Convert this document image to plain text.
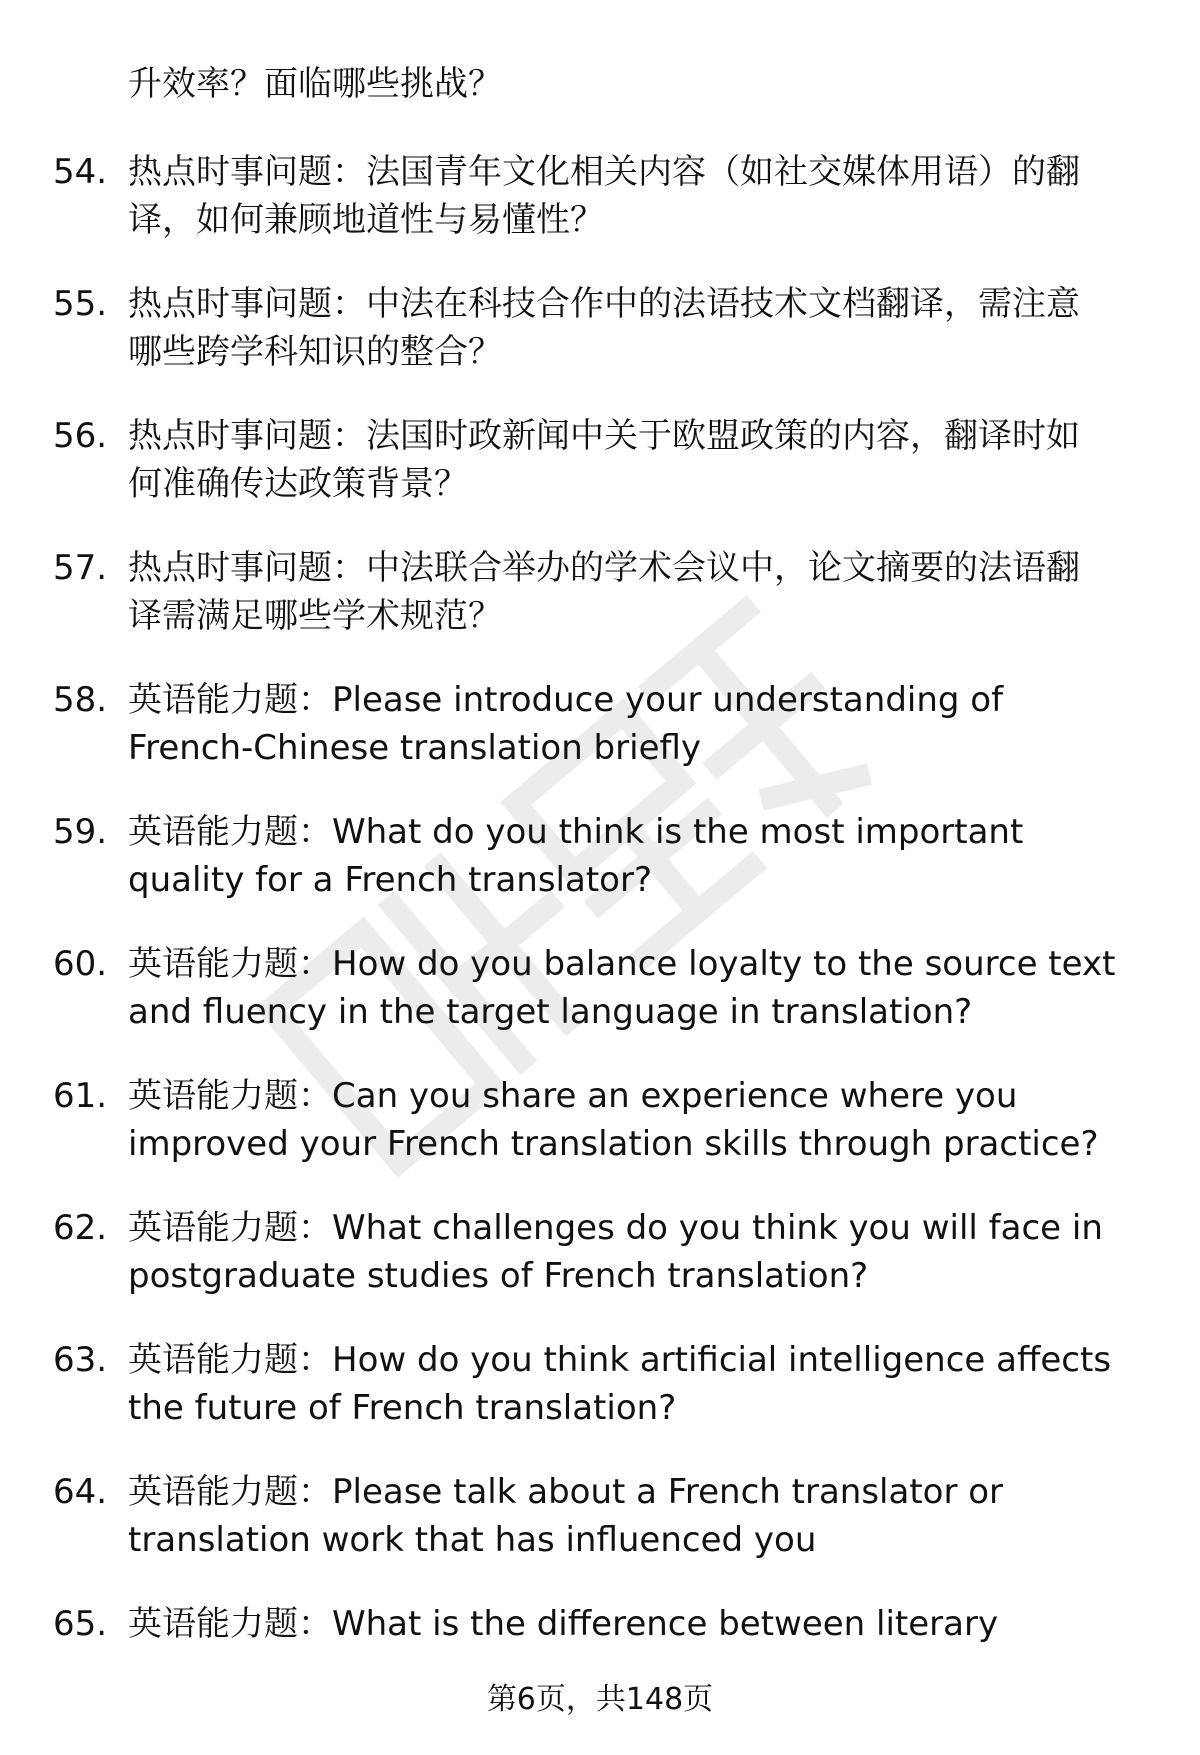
升效率？面临哪些挑战？
54. 热点时事问题：法国青年文化相关内容（如社交媒体用语）的翻
译，如何兼顾地道性与易懂性？
55. 热点时事问题：中法在科技合作中的法语技术文档翻译，需注意
哪些跨学科知识的整合？
56. 热点时事问题：法国时政新闻中关于欧盟政策的内容，翻译时如
何准确传达政策背景？
57. 热点时事问题：中法联合举办的学术会议中，论文摘要的法语翻
译需满足哪些学术规范？
58. 英语能力题：Please introduce your understanding of
French-Chinese translation briefly
59. 英语能力题：What do you think is the most important
quality for a French translator?
60. 英语能力题：How do you balance loyalty to the source text
and fluency in the target language in translation?
61. 英语能力题：Can you share an experience where you
improved your French translation skills through practice?
62. 英语能力题：What challenges do you think you will face in
postgraduate studies of French translation?
63. 英语能力题：How do you think artificial intelligence affects
the future of French translation?
64. 英语能力题：Please talk about a French translator or
translation work that has influenced you
65. 英语能力题：What is the difference between literary
第6页，共148页
